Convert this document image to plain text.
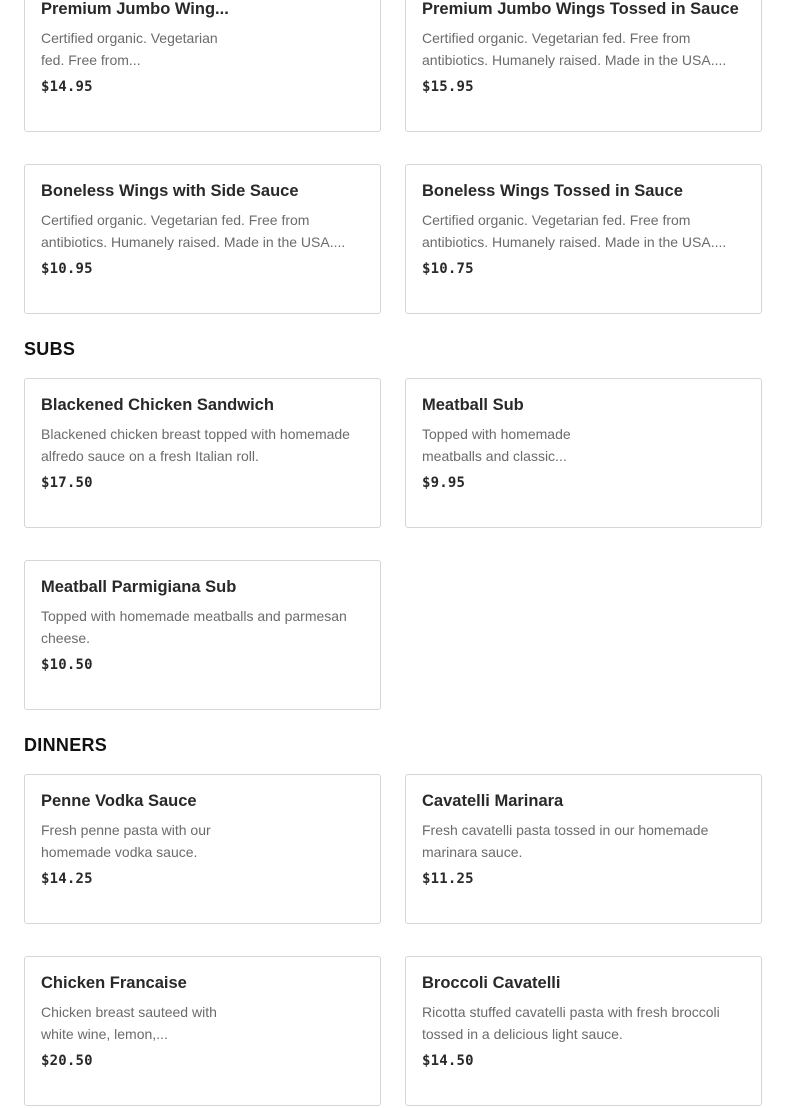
Premium Jumbo Wing...
Certified organic. Vegetarian fed. Free from...
$14.95
Premium Jumbo Wings Tossed in Sauce
Certified organic. Vegetarian fed. Free from antibiotics. Humanely raised. Made in the USA....
$15.95
Boneless Wings with Side Sauce
Certified organic. Vegetarian fed. Free from antibiotics. Humanely raised. Made in the USA....
$10.95
Boneless Wings Tossed in Sauce
Certified organic. Vegetarian fed. Free from antibiotics. Humanely raised. Made in the USA....
$10.75
SUBS
Blackened Chicken Sandwich
Blackened chicken breast topped with homemade alfredo sauce on a fresh Italian roll.
$17.50
Meatball Sub
Topped with homemade meatballs and classic...
$9.95
Meatball Parmigiana Sub
Topped with homemade meatballs and parmesan cheese.
$10.50
DINNERS
Penne Vodka Sauce
Fresh penne pasta with our homemade vodka sauce.
$14.25
Cavatelli Marinara
Fresh cavatelli pasta tossed in our homemade marinara sauce.
$11.25
Chicken Francaise
Chicken breast sauteed with white wine, lemon,...
$20.50
Broccoli Cavatelli
Ricotta stuffed cavatelli pasta with fresh broccoli tossed in a delicious light sauce.
$14.50
